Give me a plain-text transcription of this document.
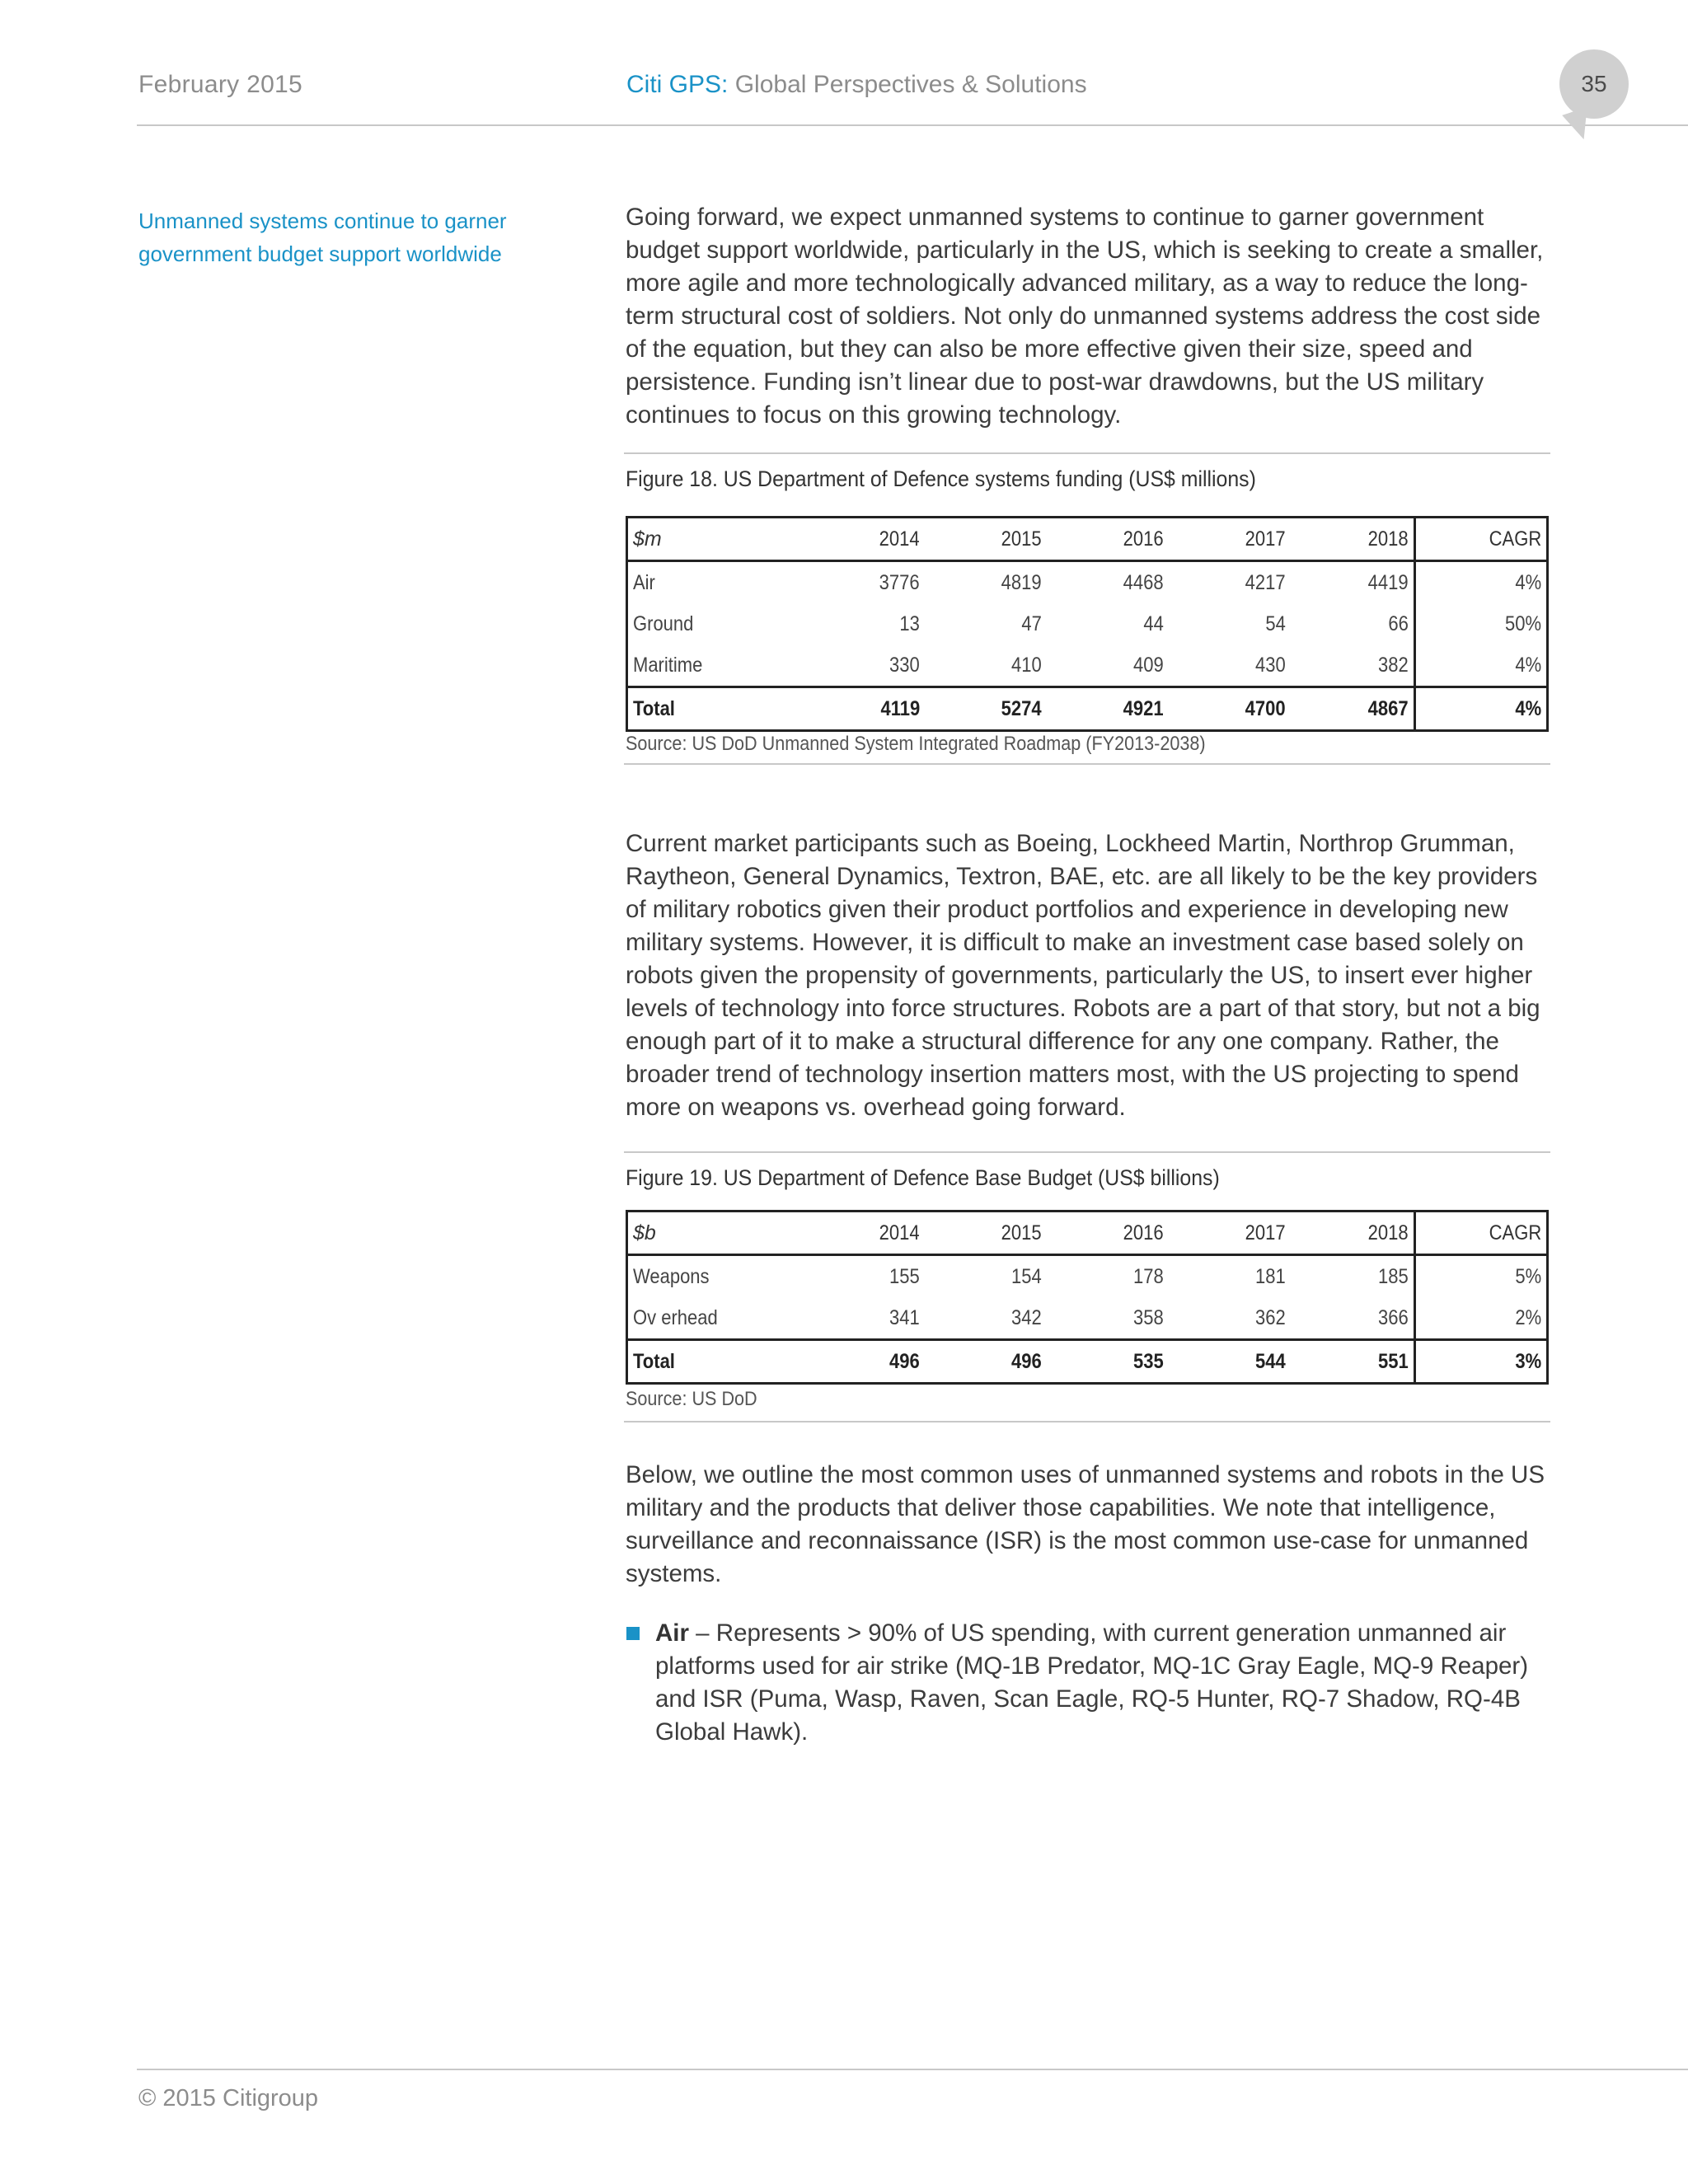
February 2015	Citi GPS: Global Perspectives & Solutions	35
Unmanned systems continue to garner government budget support worldwide
Going forward, we expect unmanned systems to continue to garner government budget support worldwide, particularly in the US, which is seeking to create a smaller, more agile and more technologically advanced military, as a way to reduce the long-term structural cost of soldiers. Not only do unmanned systems address the cost side of the equation, but they can also be more effective given their size, speed and persistence. Funding isn’t linear due to post-war drawdowns, but the US military continues to focus on this growing technology.
Figure 18. US Department of Defence systems funding (US$ millions)
$m	2014	2015	2016	2017	2018	CAGR
Air	3776	4819	4468	4217	4419	4%
Ground	13	47	44	54	66	50%
Maritime	330	410	409	430	382	4%
Total	4119	5274	4921	4700	4867	4%
Source: US DoD Unmanned System Integrated Roadmap (FY2013-2038)
Current market participants such as Boeing, Lockheed Martin, Northrop Grumman, Raytheon, General Dynamics, Textron, BAE, etc. are all likely to be the key providers of military robotics given their product portfolios and experience in developing new military systems. However, it is difficult to make an investment case based solely on robots given the propensity of governments, particularly the US, to insert ever higher levels of technology into force structures. Robots are a part of that story, but not a big enough part of it to make a structural difference for any one company. Rather, the broader trend of technology insertion matters most, with the US projecting to spend more on weapons vs. overhead going forward.
Figure 19. US Department of Defence Base Budget (US$ billions)
$b	2014	2015	2016	2017	2018	CAGR
Weapons	155	154	178	181	185	5%
Ov erhead	341	342	358	362	366	2%
Total	496	496	535	544	551	3%
Source: US DoD
Below, we outline the most common uses of unmanned systems and robots in the US military and the products that deliver those capabilities. We note that intelligence, surveillance and reconnaissance (ISR) is the most common use-case for unmanned systems.
Air – Represents > 90% of US spending, with current generation unmanned air platforms used for air strike (MQ-1B Predator, MQ-1C Gray Eagle, MQ-9 Reaper) and ISR (Puma, Wasp, Raven, Scan Eagle, RQ-5 Hunter, RQ-7 Shadow, RQ-4B Global Hawk).
© 2015 Citigroup
